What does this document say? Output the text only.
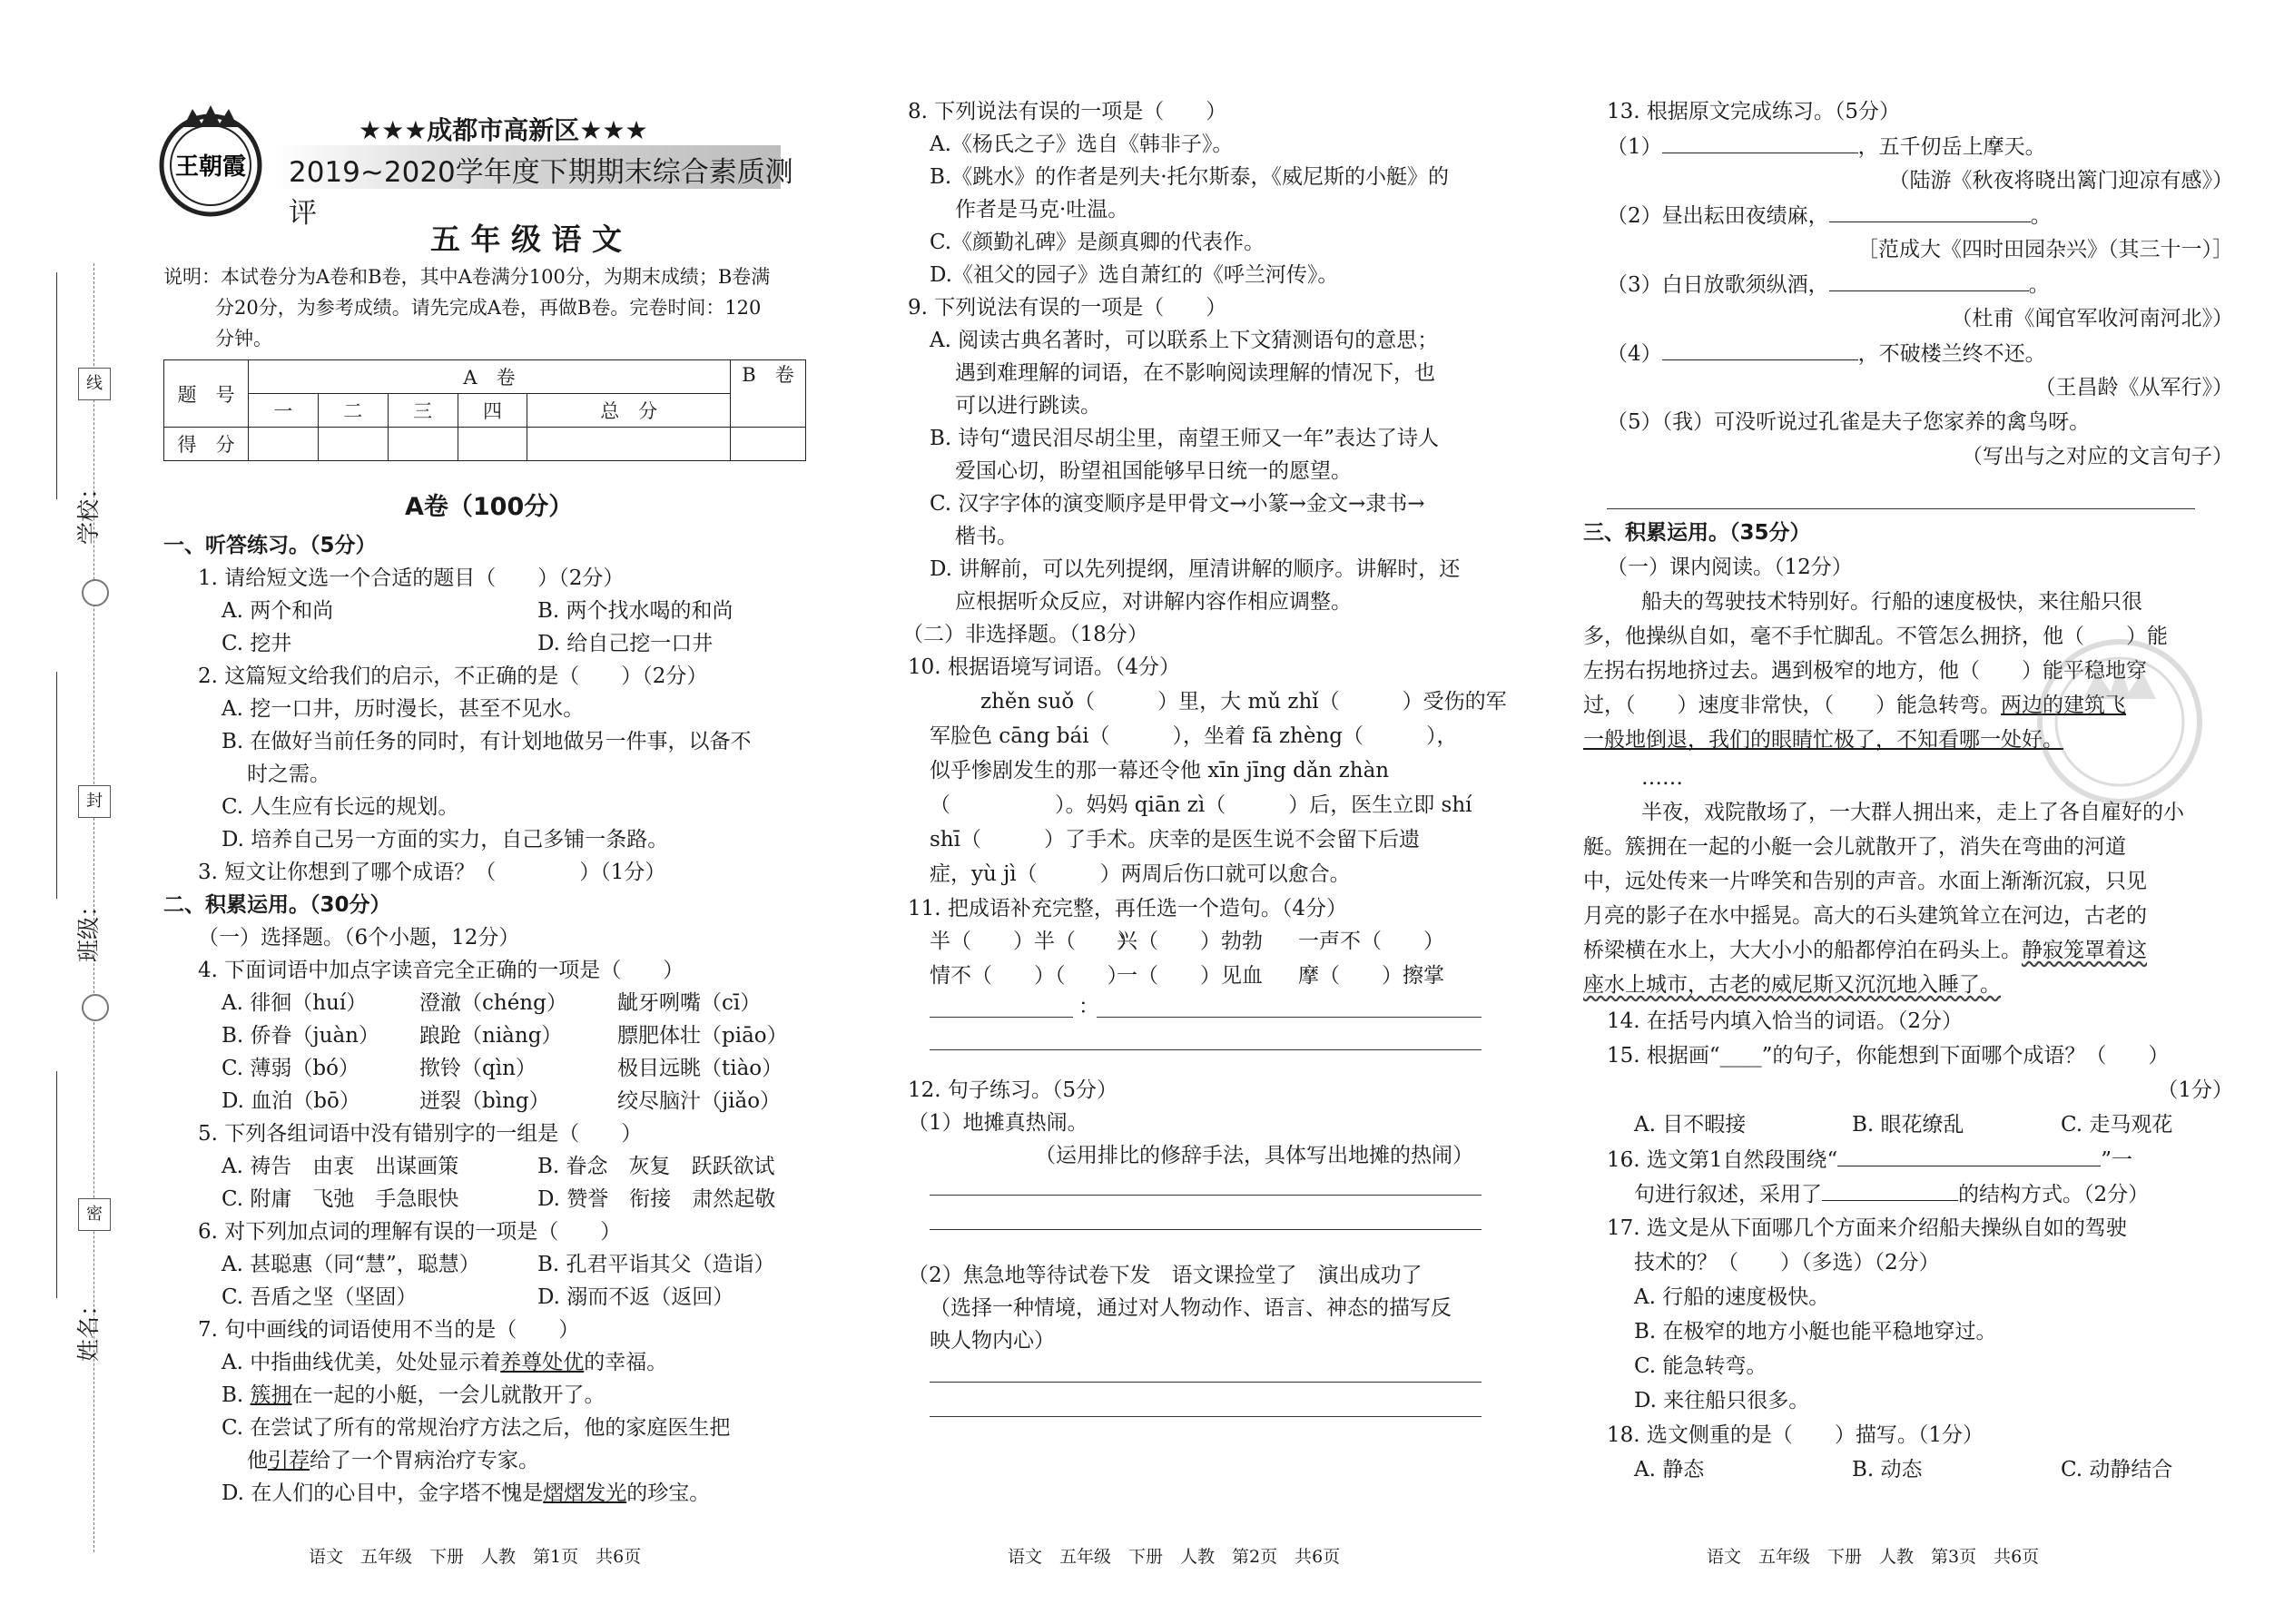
线
封
密
学校：
班级：
姓名：
王朝霞
★★★成都市高新区★★★
2019~2020学年度下期期末综合素质测评
五 年 级 语 文
说明：本试卷分为A卷和B卷，其中A卷满分100分，为期末成绩；B卷满
分20分，为参考成绩。请先完成A卷，再做B卷。完卷时间：120
分钟。
题　号	A　卷					B　卷
	一	二	三	四	总　分	
得　分						
A卷（100分）
一、听答练习。（5分）
1. 请给短文选一个合适的题目（　　）（2分）
A. 两个和尚	B. 两个找水喝的和尚
C. 挖井	D. 给自己挖一口井
2. 这篇短文给我们的启示，不正确的是（　　）（2分）
A. 挖一口井，历时漫长，甚至不见水。
B. 在做好当前任务的同时，有计划地做另一件事，以备不
时之需。
C. 人生应有长远的规划。
D. 培养自己另一方面的实力，自己多铺一条路。
3. 短文让你想到了哪个成语？（　　　　）（1分）
二、积累运用。（30分）
（一）选择题。（6个小题，12分）
4. 下面词语中加点字读音完全正确的一项是（　　）
A. 徘徊（huí）	澄澈（chéng） 龇牙咧嘴（cī）
B. 侨眷（juàn） 踉跄（niàng）	膘肥体壮（piāo）
C. 薄弱（bó）	揿铃（qìn）	极目远眺（tiào）
D. 血泊（bō）	迸裂（bìng）	绞尽脑汁（jiǎo）
5. 下列各组词语中没有错别字的一组是（　　）
A. 祷告　由衷　出谋画策	B. 眷念　灰复　跃跃欲试
C. 附庸　飞弛　手急眼快	D. 赞誉　衔接　肃然起敬
6. 对下列加点词的理解有误的一项是（　　）
A. 甚聪惠（同“慧”，聪慧）	B. 孔君平诣其父（造诣）
C. 吾盾之坚（坚固）	D. 溺而不返（返回）
7. 句中画线的词语使用不当的是（　　）
A. 中指曲线优美，处处显示着养尊处优的幸福。
B. 簇拥在一起的小艇，一会儿就散开了。
C. 在尝试了所有的常规治疗方法之后，他的家庭医生把
他引荐给了一个胃病治疗专家。
D. 在人们的心目中，金字塔不愧是熠熠发光的珍宝。
语文　五年级　下册　人教　第1页　共6页
8. 下列说法有误的一项是（　　）
A.《杨氏之子》选自《韩非子》。
B.《跳水》的作者是列夫·托尔斯泰，《威尼斯的小艇》的
作者是马克·吐温。
C.《颜勤礼碑》是颜真卿的代表作。
D.《祖父的园子》选自萧红的《呼兰河传》。
9. 下列说法有误的一项是（　　）
A. 阅读古典名著时，可以联系上下文猜测语句的意思；
遇到难理解的词语，在不影响阅读理解的情况下，也
可以进行跳读。
B. 诗句“遗民泪尽胡尘里，南望王师又一年”表达了诗人
爱国心切，盼望祖国能够早日统一的愿望。
C. 汉字字体的演变顺序是甲骨文→小篆→金文→隶书→
楷书。
D. 讲解前，可以先列提纲，厘清讲解的顺序。讲解时，还
应根据听众反应，对讲解内容作相应调整。
（二）非选择题。（18分）
10. 根据语境写词语。（4分）
zhěn suǒ（　　　）里，大 mǔ zhǐ（　　　）受伤的军
军脸色 cāng bái（　　　），坐着 fā zhèng（　　　），
似乎惨剧发生的那一幕还令他 xīn jīng dǎn zhàn
（　　　　　）。妈妈 qiān zì（　　　）后，医生立即 shí
shī（　　　）了手术。庆幸的是医生说不会留下后遗
症，yù jì（　　　）两周后伤口就可以愈合。
11. 把成语补充完整，再任选一个造句。（4分）
半（　　）半（　　）
兴（　　）勃勃 一声不（　　）
情不（　　）（　　）
一（　　）见血 摩（　　）擦掌
：
12. 句子练习。（5分）
（1）地摊真热闹。
（运用排比的修辞手法，具体写出地摊的热闹）
（2）焦急地等待试卷下发　语文课捡堂了　演出成功了
（选择一种情境，通过对人物动作、语言、神态的描写反
映人物内心）
语文　五年级　下册　人教　第2页　共6页
13. 根据原文完成练习。（5分）
（1）	，五千仞岳上摩天。
（陆游《秋夜将晓出篱门迎凉有感》）
（2）昼出耘田夜绩麻，	。
［范成大《四时田园杂兴》（其三十一）］
（3）白日放歌须纵酒，	。
（杜甫《闻官军收河南河北》）
（4）	，不破楼兰终不还。
（王昌龄《从军行》）
（5）（我）可没听说过孔雀是夫子您家养的禽鸟呀。
（写出与之对应的文言句子）
三、积累运用。（35分）
（一）课内阅读。（12分）
船夫的驾驶技术特别好。行船的速度极快，来往船只很
多，他操纵自如，毫不手忙脚乱。不管怎么拥挤，他（　　）能
左拐右拐地挤过去。遇到极窄的地方，他（　　）能平稳地穿
过，（　　）速度非常快，（　　）能急转弯。两边的建筑飞
一般地倒退，我们的眼睛忙极了，不知看哪一处好。
……
半夜，戏院散场了，一大群人拥出来，走上了各自雇好的小
艇。簇拥在一起的小艇一会儿就散开了，消失在弯曲的河道
中，远处传来一片哗笑和告别的声音。水面上渐渐沉寂，只见
月亮的影子在水中摇晃。高大的石头建筑耸立在河边，古老的
桥梁横在水上，大大小小的船都停泊在码头上。静寂笼罩着这
座水上城市，古老的威尼斯又沉沉地入睡了。
14. 在括号内填入恰当的词语。（2分）
15. 根据画“____”的句子，你能想到下面哪个成语？（　　）
（1分）
A. 目不暇接	B. 眼花缭乱	C. 走马观花
16. 选文第1自然段围绕“	”一
句进行叙述，采用了	的结构方式。（2分）
17. 选文是从下面哪几个方面来介绍船夫操纵自如的驾驶
技术的？（　　）（多选）（2分）
A. 行船的速度极快。
B. 在极窄的地方小艇也能平稳地穿过。
C. 能急转弯。
D. 来往船只很多。
18. 选文侧重的是（　　）描写。（1分）
A. 静态	B. 动态	C. 动静结合
语文　五年级　下册　人教　第3页　共6页
